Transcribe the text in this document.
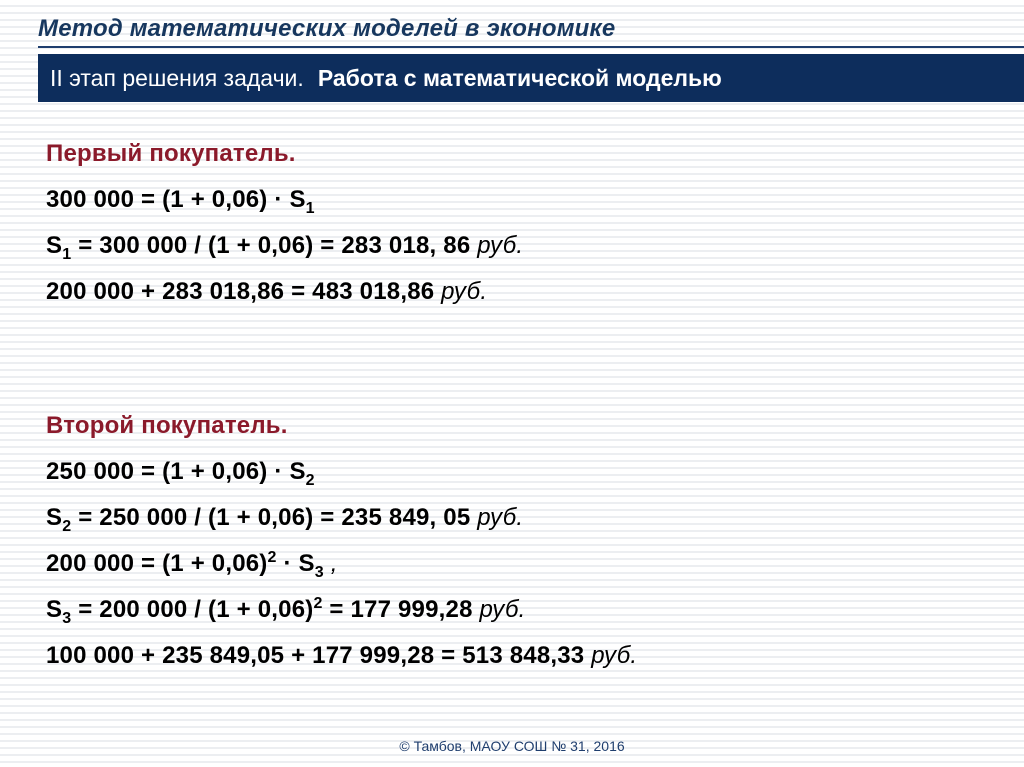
Метод математических моделей в экономике
II этап решения задачи. Работа с математической моделью
Первый покупатель.
300 $000 = (1 + 0,06) \cdot S_1$
$S_1 = 300$ 000 / (1 + 0,06) = 283 018, 86 руб.
200 000 + 283 018,86 = 483 018,86 руб.
Второй покупатель.
250 $000 = (1 + 0,06) \cdot S_2$
$S_2 = 250$ 000 / (1 + 0,06) = 235 849, 05 руб.
200 $000 = (1 + 0,06)^2 \cdot S_3$ ,
$S_3 = 200$ $000 / (1 + 0,06)^2 = 177$ 999,28 руб.
100 000 + 235 849,05 + 177 999,28 = 513 848,33 руб.
© Тамбов, МАОУ СОШ № 31, 2016
